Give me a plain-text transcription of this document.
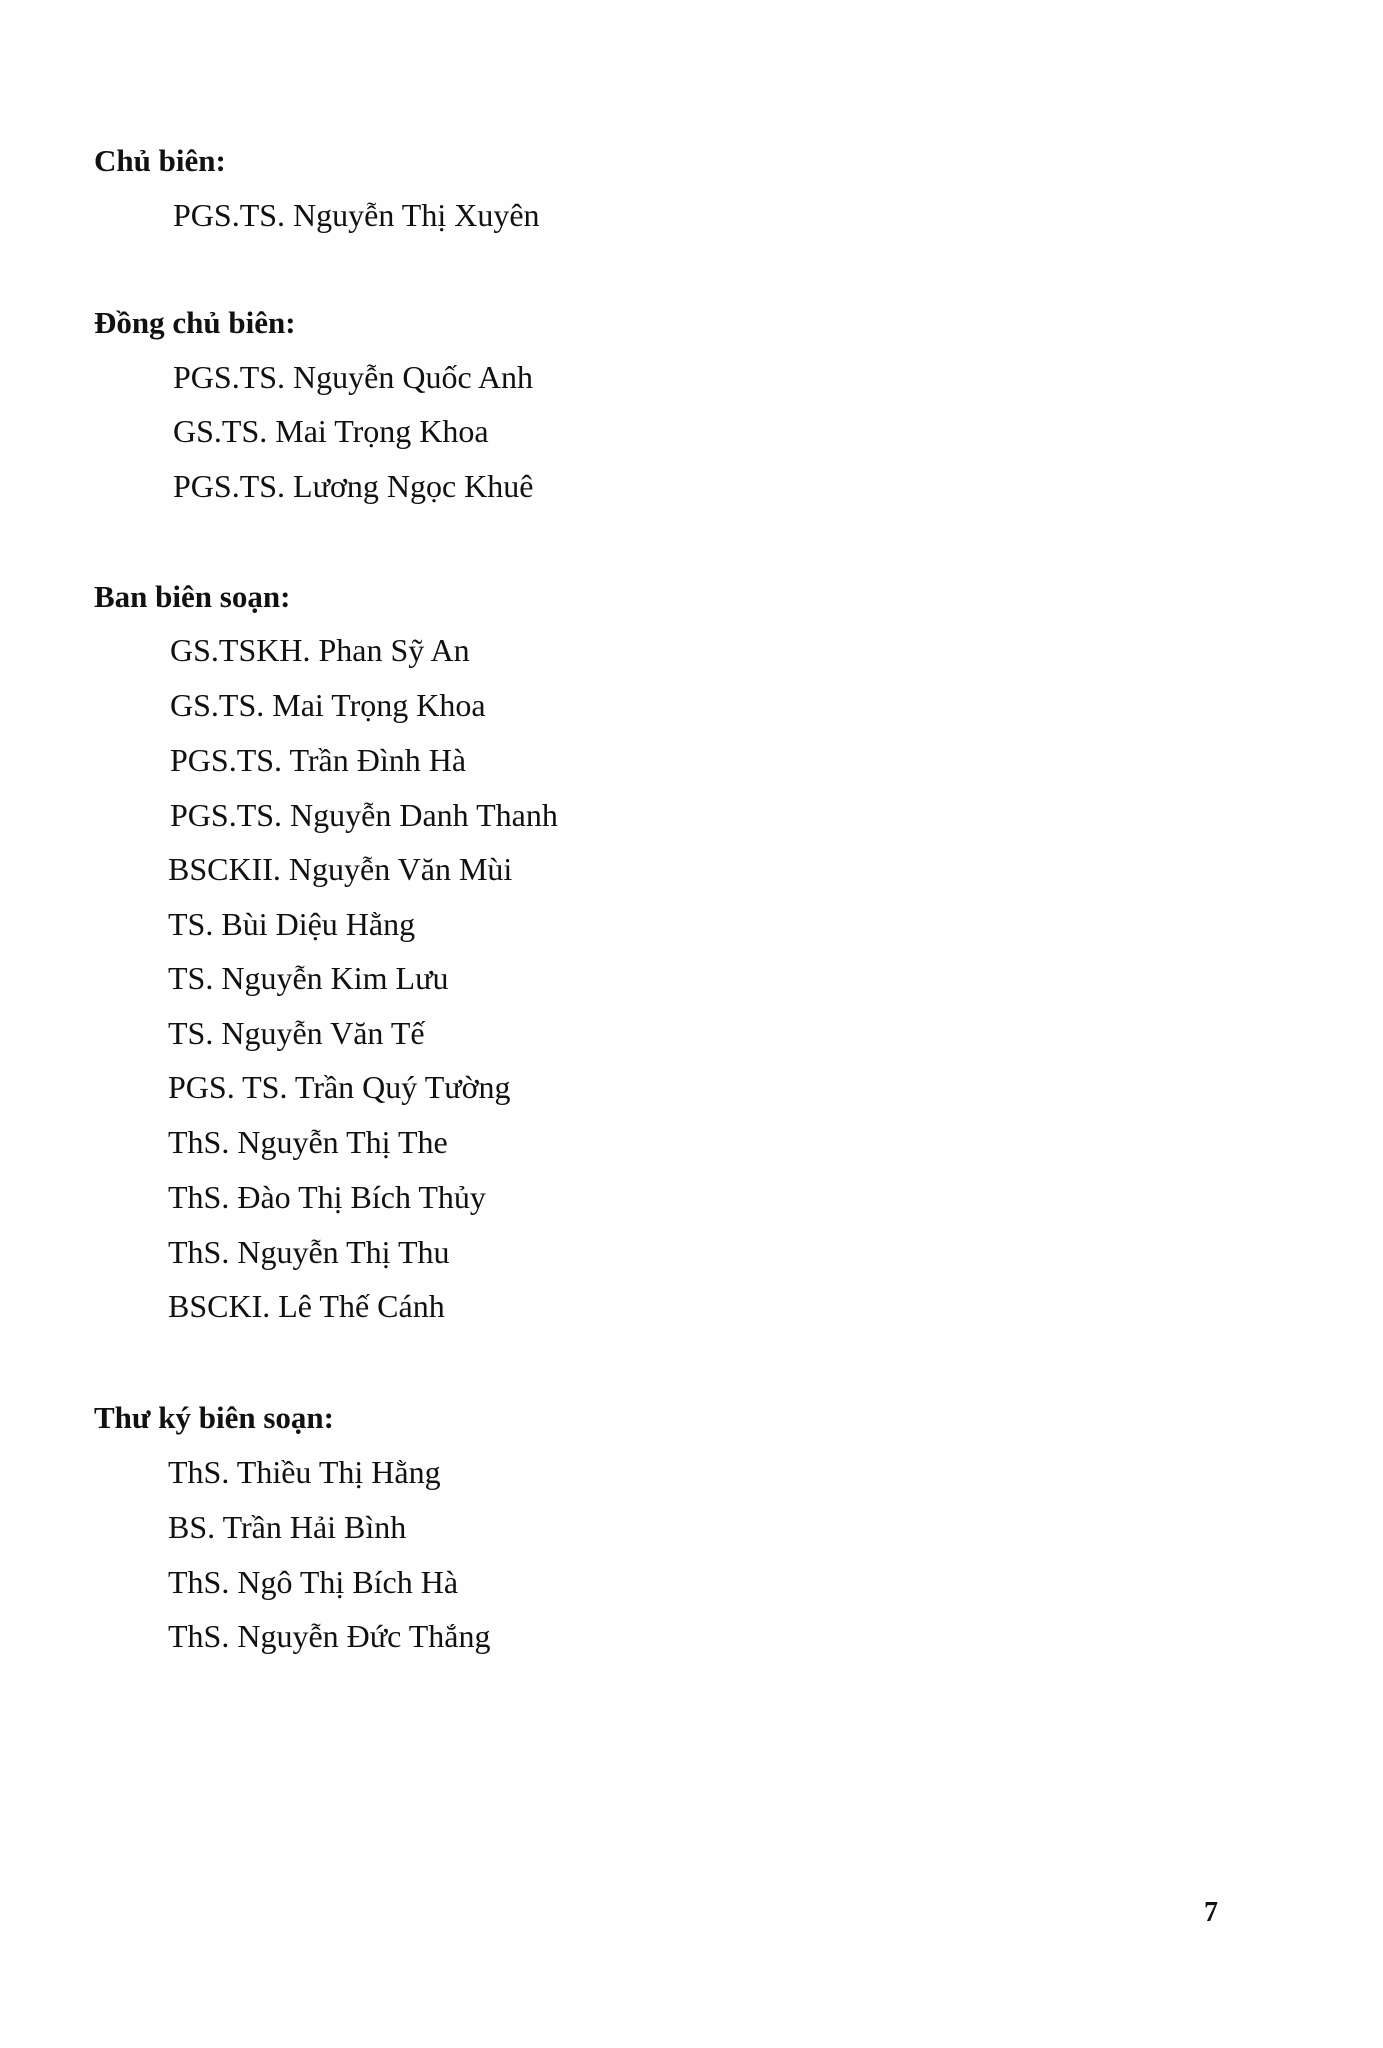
Chủ biên:
PGS.TS. Nguyễn Thị Xuyên
Đồng chủ biên:
PGS.TS. Nguyễn Quốc Anh
GS.TS. Mai Trọng Khoa
PGS.TS. Lương Ngọc Khuê
Ban biên soạn:
GS.TSKH. Phan Sỹ An
GS.TS. Mai Trọng Khoa
PGS.TS. Trần Đình Hà
PGS.TS. Nguyễn Danh Thanh
BSCKII. Nguyễn Văn Mùi
TS. Bùi Diệu Hằng
TS. Nguyễn Kim Lưu
TS. Nguyễn Văn Tế
PGS. TS. Trần Quý Tường
ThS. Nguyễn Thị The
ThS. Đào Thị Bích Thủy
ThS. Nguyễn Thị Thu
BSCKI. Lê Thế Cánh
Thư ký biên soạn:
ThS. Thiều Thị Hằng
BS. Trần Hải Bình
ThS. Ngô Thị Bích Hà
ThS. Nguyễn Đức Thắng
7
